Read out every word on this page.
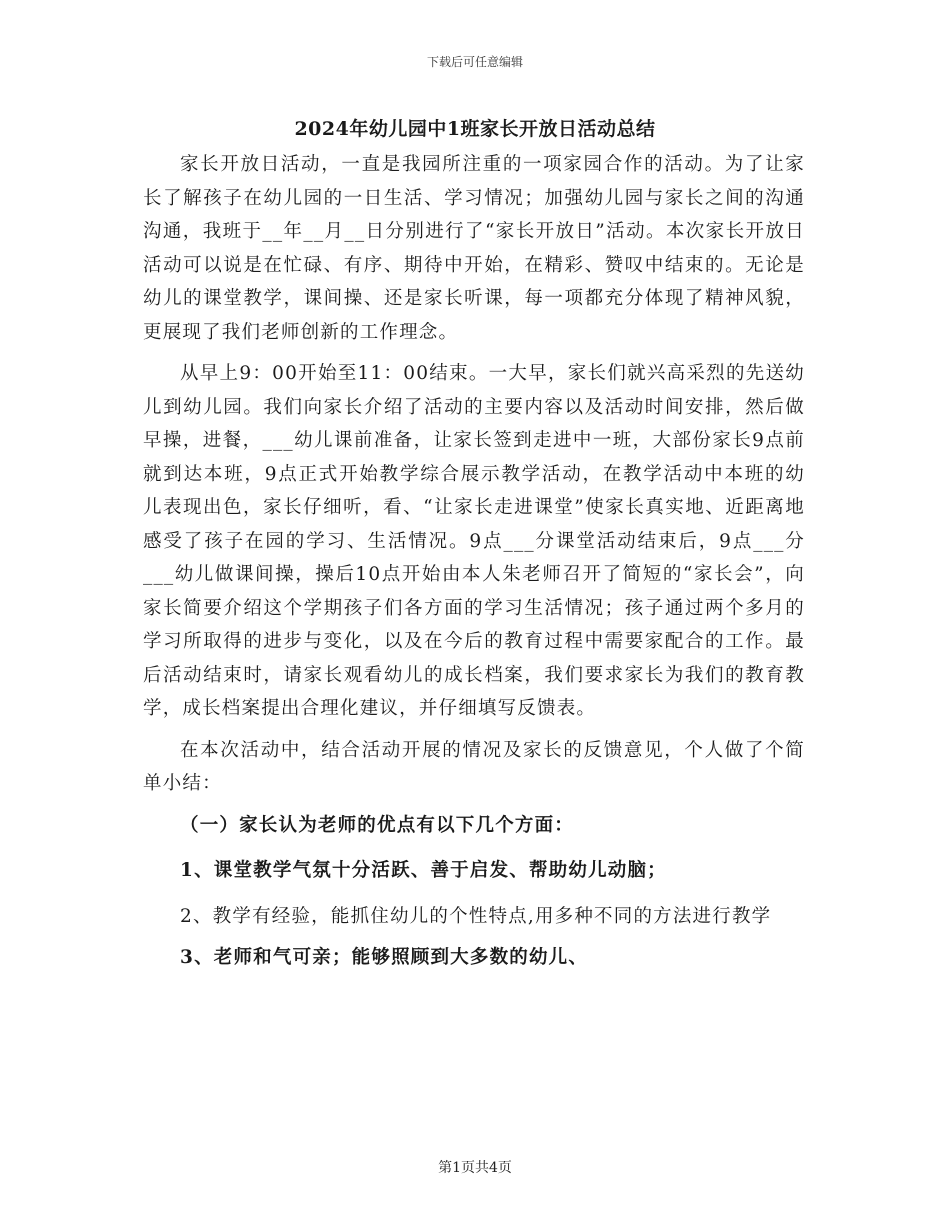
下载后可任意编辑
2024年幼儿园中1班家长开放日活动总结

家长开放日活动，一直是我园所注重的一项家园合作的活动。为了让家长了解孩子在幼儿园的一日生活、学习情况；加强幼儿园与家长之间的沟通沟通，我班于__年__月__日分别进行了“家长开放日”活动。本次家长开放日活动可以说是在忙碌、有序、期待中开始，在精彩、赞叹中结束的。无论是幼儿的课堂教学，课间操、还是家长听课，每一项都充分体现了精神风貌，更展现了我们老师创新的工作理念。

从早上9：00开始至11：00结束。一大早，家长们就兴高采烈的先送幼儿到幼儿园。我们向家长介绍了活动的主要内容以及活动时间安排，然后做早操，进餐，___幼儿课前准备，让家长签到走进中一班，大部份家长9点前就到达本班，9点正式开始教学综合展示教学活动，在教学活动中本班的幼儿表现出色，家长仔细听，看、“让家长走进课堂”使家长真实地、近距离地感受了孩子在园的学习、生活情况。9点___分课堂活动结束后，9点___分___幼儿做课间操，操后10点开始由本人朱老师召开了简短的“家长会”，向家长简要介绍这个学期孩子们各方面的学习生活情况；孩子通过两个多月的学习所取得的进步与变化，以及在今后的教育过程中需要家配合的工作。最后活动结束时，请家长观看幼儿的成长档案，我们要求家长为我们的教育教学，成长档案提出合理化建议，并仔细填写反馈表。

在本次活动中，结合活动开展的情况及家长的反馈意见，个人做了个简单小结：

（一）家长认为老师的优点有以下几个方面：

1、课堂教学气氛十分活跃、善于启发、帮助幼儿动脑；

2、教学有经验，能抓住幼儿的个性特点,用多种不同的方法进行教学

3、老师和气可亲；能够照顾到大多数的幼儿、

第1页共4页
